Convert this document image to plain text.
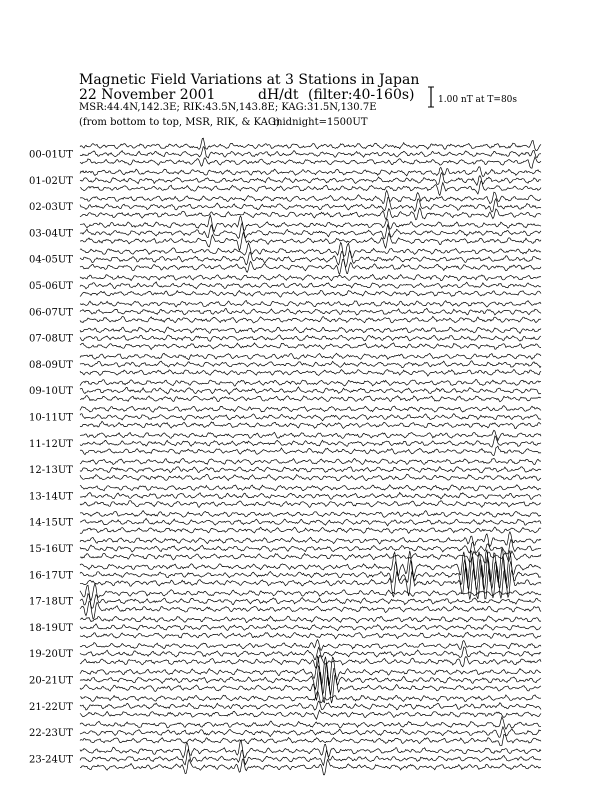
Magnetic Field Variations at 3 Stations in Japan
22 November 2001	dH/dt (filter:40-160s)
MSR:44.4N,142.3E; RIK:43.5N,143.8E; KAG:31.5N,130.7E
(from bottom to top, MSR, RIK, & KAG)
midnight=1500UT
1.00 nT at T=80s
00-01UT
01-02UT
02-03UT
03-04UT
04-05UT
05-06UT
06-07UT
07-08UT
08-09UT
09-10UT
10-11UT
11-12UT
12-13UT
13-14UT
14-15UT
15-16UT
16-17UT
17-18UT
18-19UT
19-20UT
20-21UT
21-22UT
22-23UT
23-24UT
